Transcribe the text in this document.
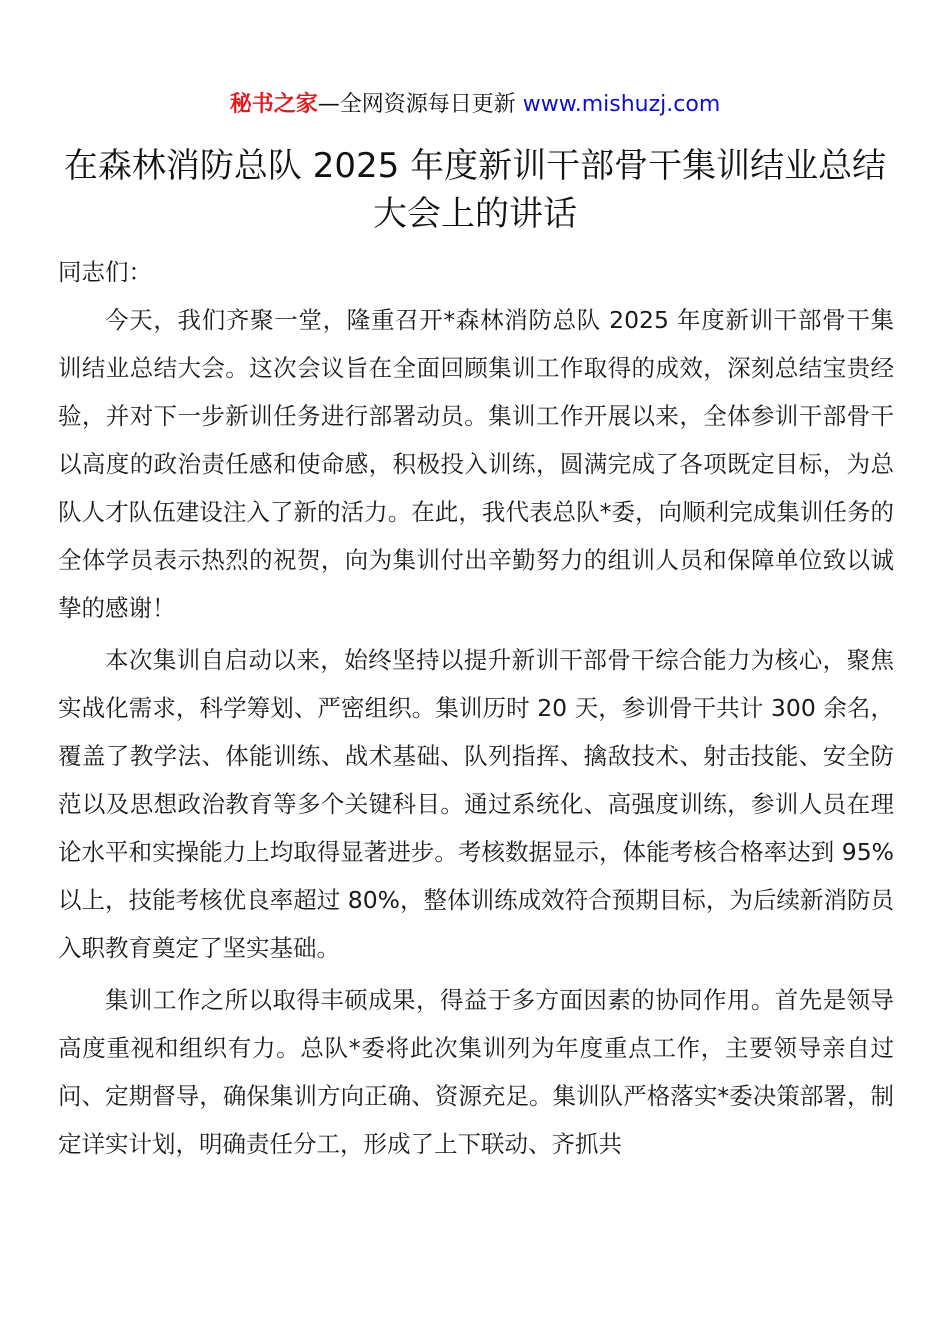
秘书之家—全网资源每日更新 www.mishuzj.com
在森林消防总队 2025 年度新训干部骨干集训结业总结大会上的讲话

同志们：

今天，我们齐聚一堂，隆重召开*森林消防总队 2025 年度新训干部骨干集训结业总结大会。这次会议旨在全面回顾集训工作取得的成效，深刻总结宝贵经验，并对下一步新训任务进行部署动员。集训工作开展以来，全体参训干部骨干以高度的政治责任感和使命感，积极投入训练，圆满完成了各项既定目标，为总队人才队伍建设注入了新的活力。在此，我代表总队*委，向顺利完成集训任务的全体学员表示热烈的祝贺，向为集训付出辛勤努力的组训人员和保障单位致以诚挚的感谢！

本次集训自启动以来，始终坚持以提升新训干部骨干综合能力为核心，聚焦实战化需求，科学筹划、严密组织。集训历时 20 天，参训骨干共计 300 余名，覆盖了教学法、体能训练、战术基础、队列指挥、擒敌技术、射击技能、安全防范以及思想政治教育等多个关键科目。通过系统化、高强度训练，参训人员在理论水平和实操能力上均取得显著进步。考核数据显示，体能考核合格率达到 95%以上，技能考核优良率超过 80%，整体训练成效符合预期目标，为后续新消防员入职教育奠定了坚实基础。

集训工作之所以取得丰硕成果，得益于多方面因素的协同作用。首先是领导高度重视和组织有力。总队*委将此次集训列为年度重点工作，主要领导亲自过问、定期督导，确保集训方向正确、资源充足。集训队严格落实*委决策部署，制定详实计划，明确责任分工，形成了上下联动、齐抓共
